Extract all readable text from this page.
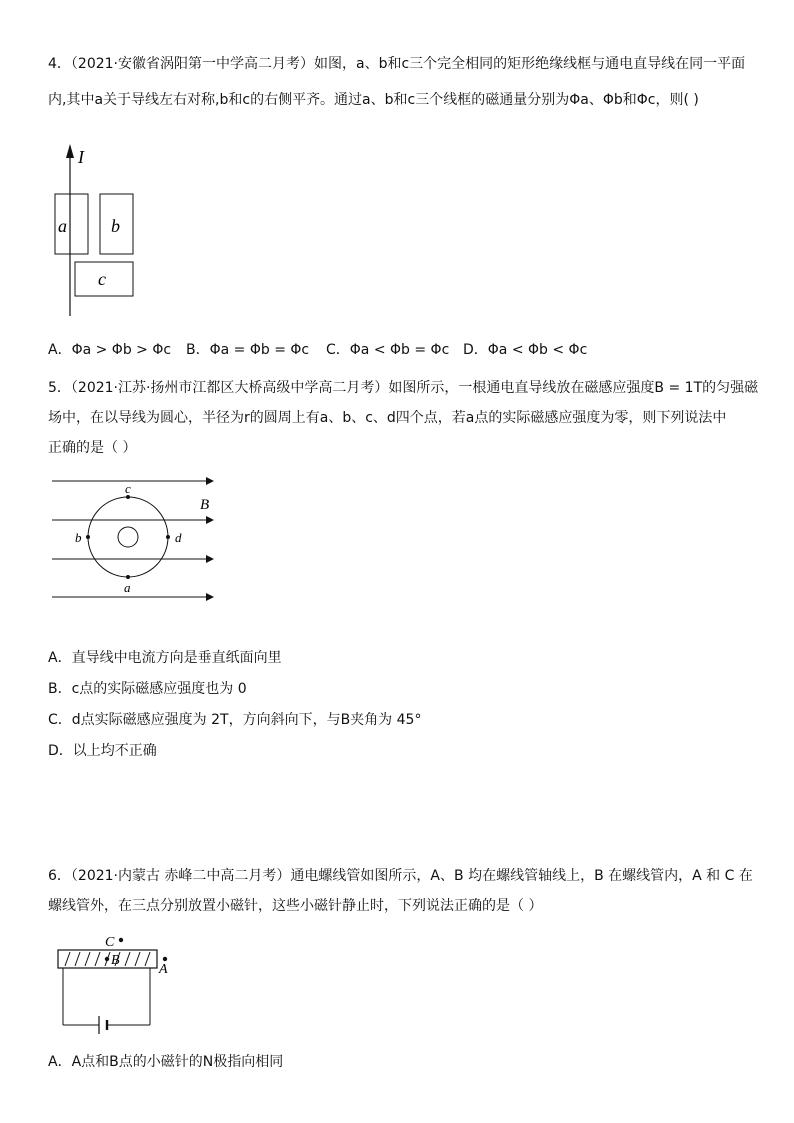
4．（2021·安徽省涡阳第一中学高二月考）如图，a、b和c三个完全相同的矩形绝缘线框与通电直导线在同一平面
内,其中a关于导线左右对称,b和c的右侧平齐。通过a、b和c三个线框的磁通量分别为Φa、Φb和Φc，则( )
I
a b
c
A．Φa > Φb > Φc B．Φa = Φb = Φc C．Φa < Φb = Φc D．Φa < Φb < Φc
5．（2021·江苏·扬州市江都区大桥高级中学高二月考）如图所示，一根通电直导线放在磁感应强度B = 1T的匀强磁
场中，在以导线为圆心，半径为r的圆周上有a、b、c、d四个点，若a点的实际磁感应强度为零，则下列说法中
正确的是（ ）
B
c
a
b	d
A．直导线中电流方向是垂直纸面向里
B．c点的实际磁感应强度也为 0
C．d点实际磁感应强度为 2T，方向斜向下，与B夹角为 45°
D．以上均不正确
6．（2021·内蒙古 赤峰二中高二月考）通电螺线管如图所示，A、B 均在螺线管轴线上，B 在螺线管内，A 和 C 在
螺线管外，在三点分别放置小磁针，这些小磁针静止时，下列说法正确的是（ ）
C
B
A
A．A点和B点的小磁针的N极指向相同
